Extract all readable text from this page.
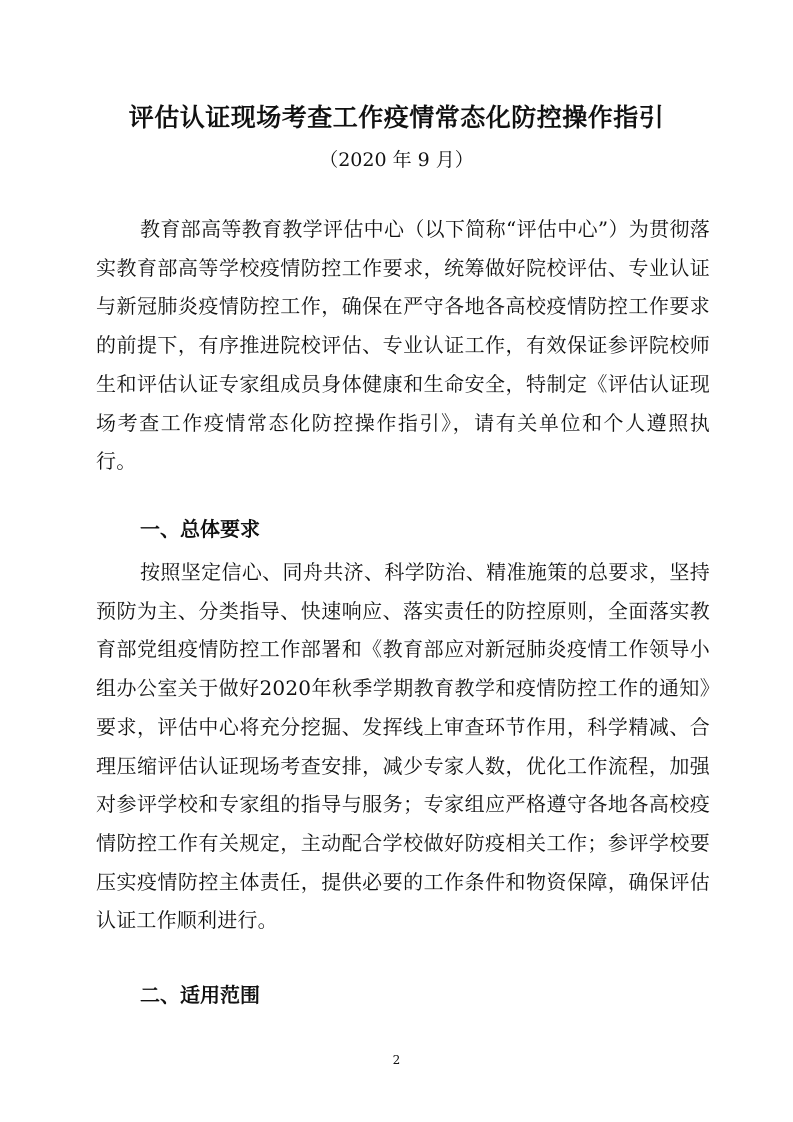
评估认证现场考查工作疫情常态化防控操作指引

（2020 年 9 月）

教育部高等教育教学评估中心（以下简称“评估中心”）为贯彻落实教育部高等学校疫情防控工作要求，统筹做好院校评估、专业认证与新冠肺炎疫情防控工作，确保在严守各地各高校疫情防控工作要求的前提下，有序推进院校评估、专业认证工作，有效保证参评院校师生和评估认证专家组成员身体健康和生命安全，特制定《评估认证现场考查工作疫情常态化防控操作指引》，请有关单位和个人遵照执行。

一、总体要求

按照坚定信心、同舟共济、科学防治、精准施策的总要求，坚持预防为主、分类指导、快速响应、落实责任的防控原则，全面落实教育部党组疫情防控工作部署和《教育部应对新冠肺炎疫情工作领导小组办公室关于做好2020年秋季学期教育教学和疫情防控工作的通知》要求，评估中心将充分挖掘、发挥线上审查环节作用，科学精减、合理压缩评估认证现场考查安排，减少专家人数，优化工作流程，加强对参评学校和专家组的指导与服务；专家组应严格遵守各地各高校疫情防控工作有关规定，主动配合学校做好防疫相关工作；参评学校要压实疫情防控主体责任，提供必要的工作条件和物资保障，确保评估认证工作顺利进行。

二、适用范围
2
